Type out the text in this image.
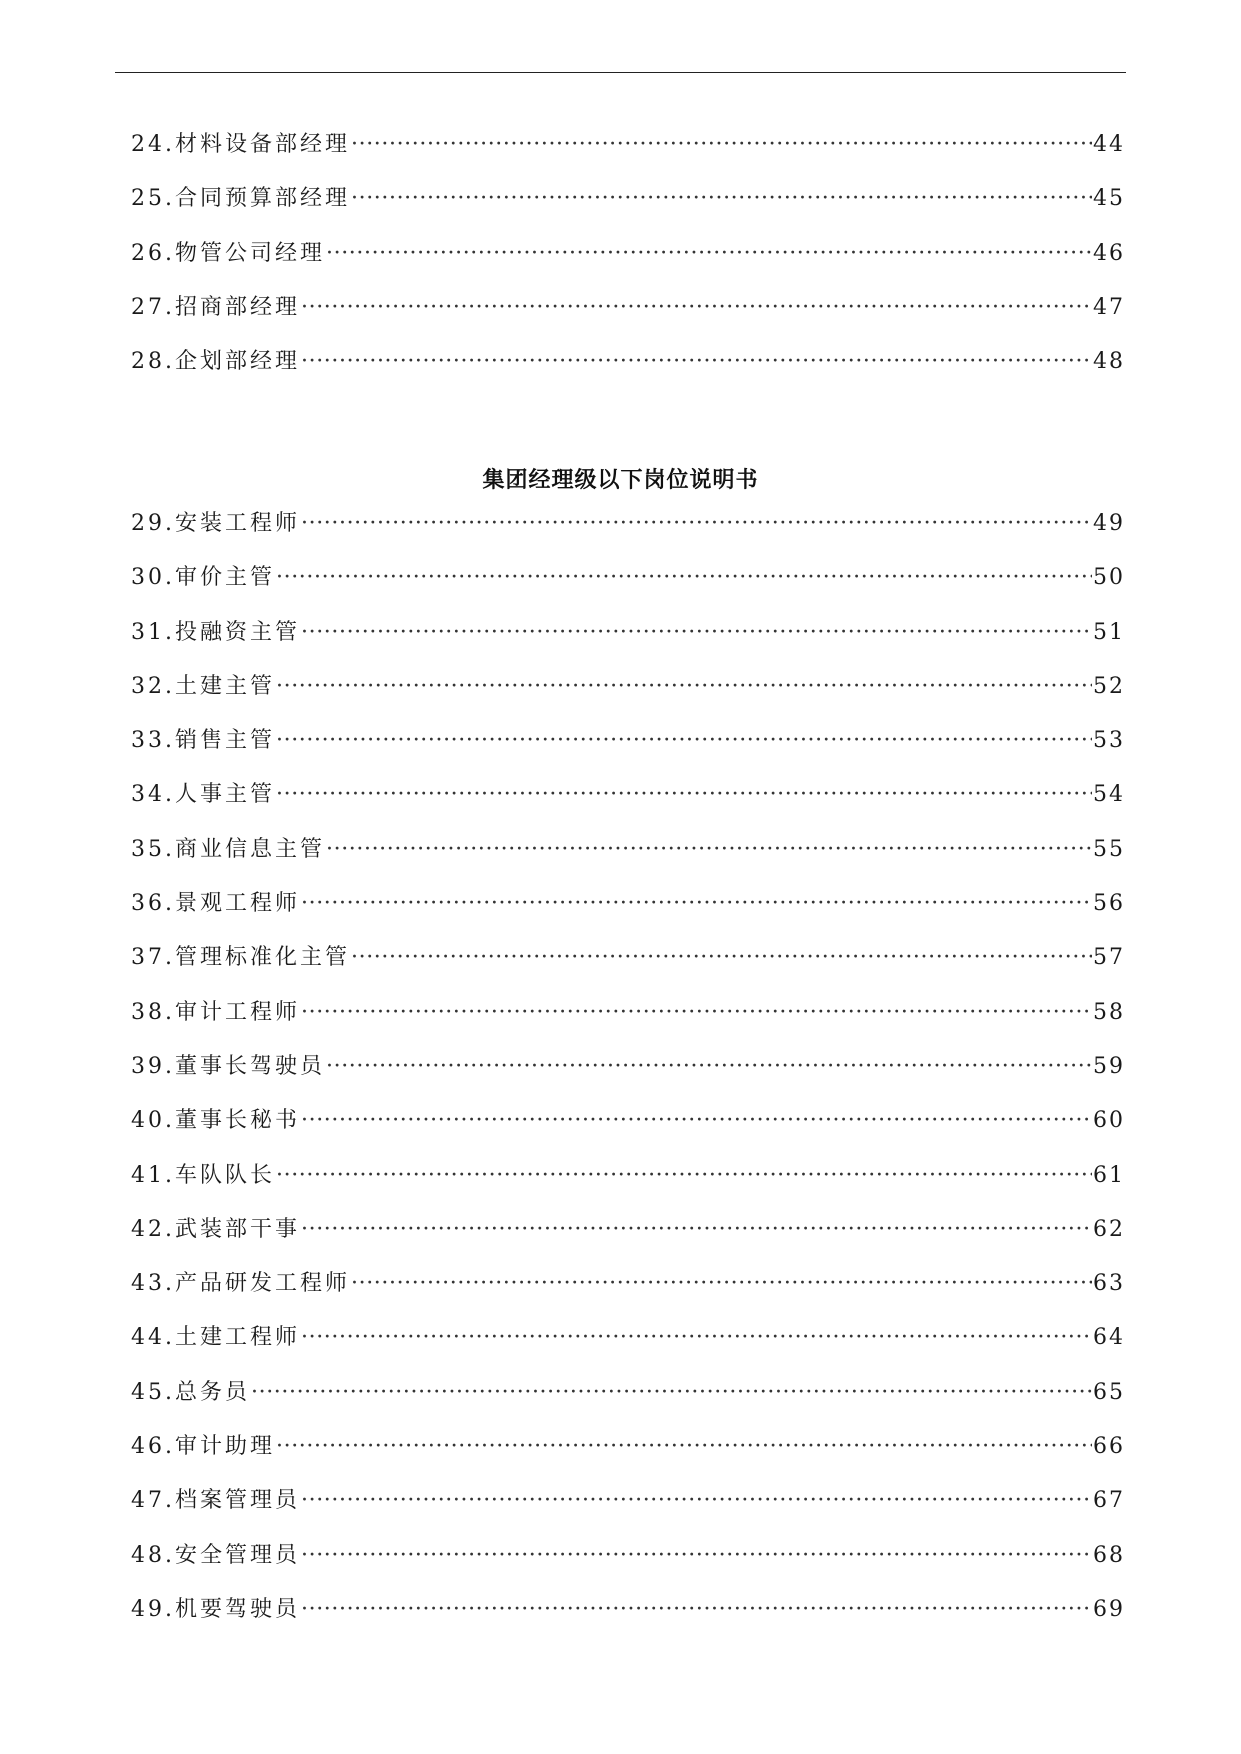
24. 材料设备部经理 ·····	44
25. 合同预算部经理 ·····	45
26. 物管公司经理 ·····	46
27. 招商部经理 ·····	47
28. 企划部经理 ·····	48
集团经理级以下岗位说明书
29. 安装工程师 ·····	49
30. 审价主管 ·····	50
31. 投融资主管 ·····	51
32. 土建主管 ·····	52
33. 销售主管 ·····	53
34. 人事主管 ·····	54
35. 商业信息主管 ·····	55
36. 景观工程师 ·····	56
37. 管理标准化主管 ·····	57
38. 审计工程师 ·····	58
39. 董事长驾驶员 ·····	59
40. 董事长秘书 ·····	60
41. 车队队长 ·····	61
42. 武装部干事 ·····	62
43. 产品研发工程师 ·····	63
44. 土建工程师 ·····	64
45. 总务员 ·····	65
46. 审计助理 ·····	66
47. 档案管理员 ·····	67
48. 安全管理员 ·····	68
49. 机要驾驶员 ·····	69
